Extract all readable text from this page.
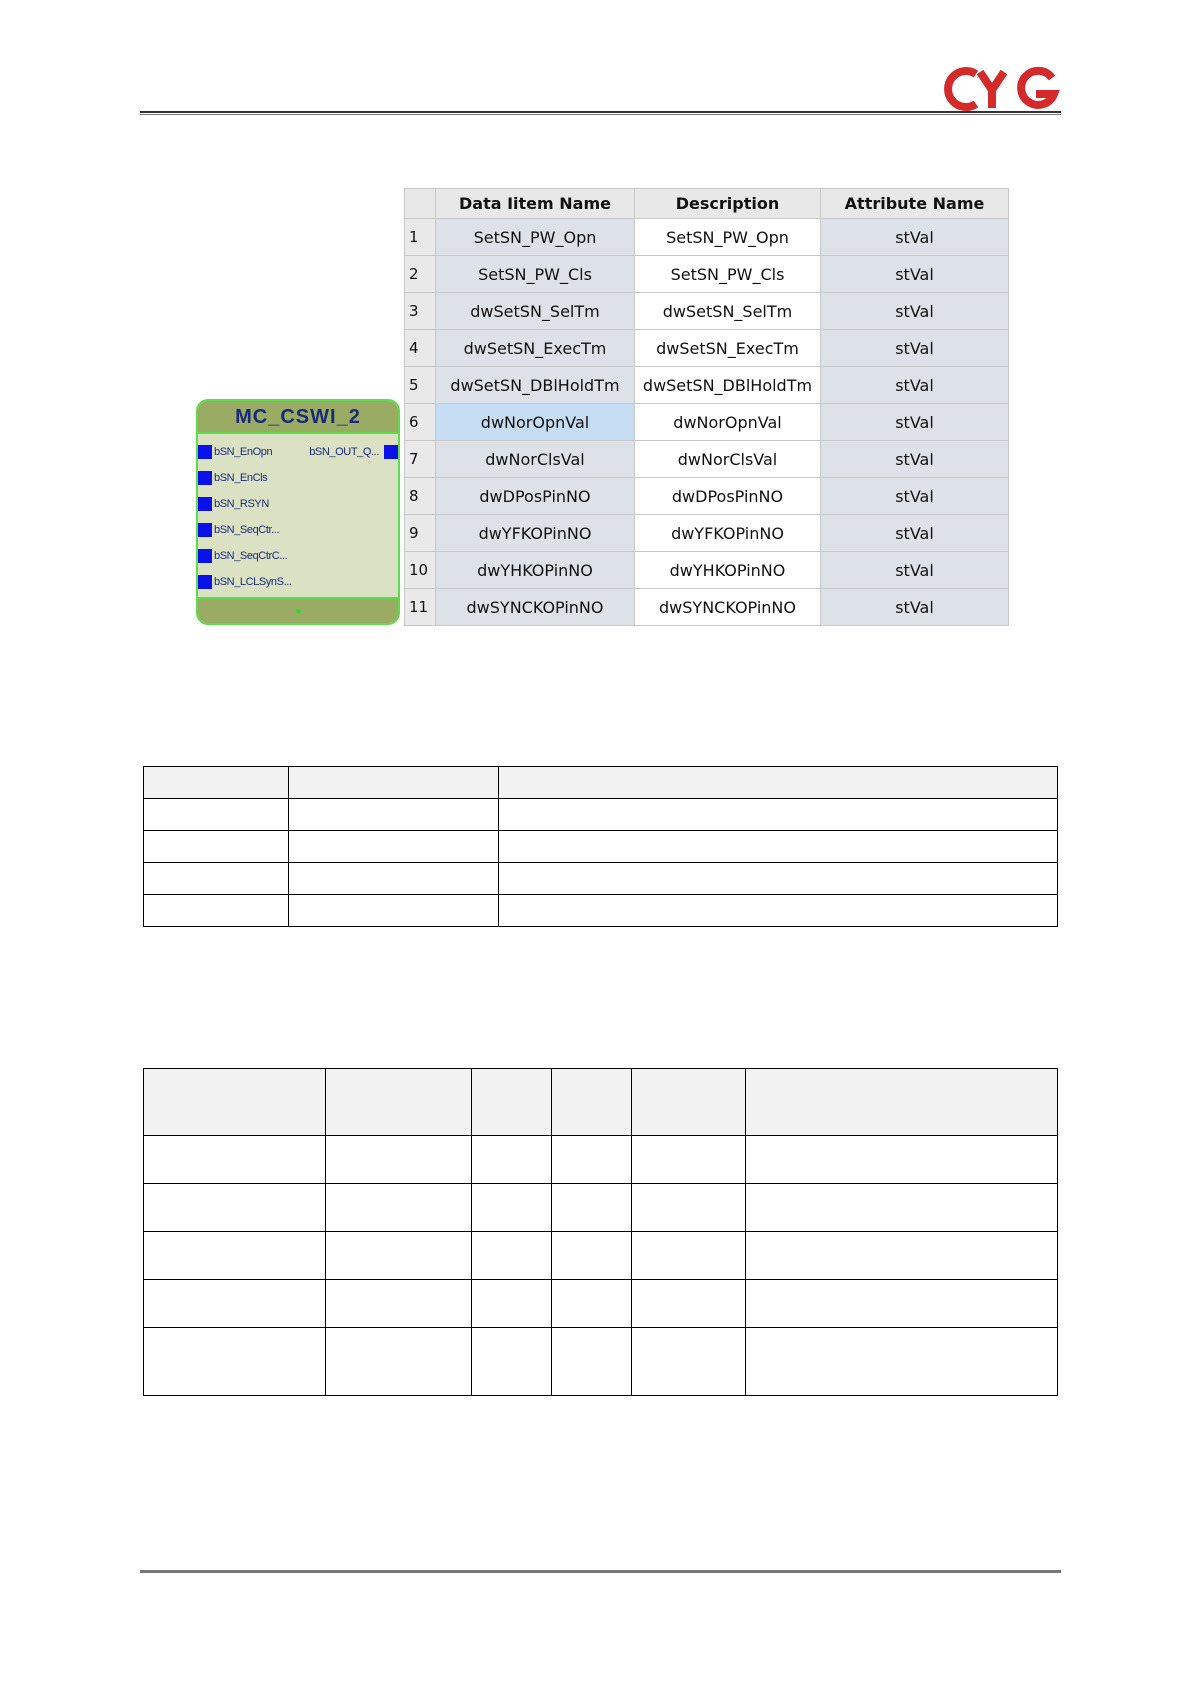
MC_CSWI_2
bSN_EnOpn
bSN_EnCls
bSN_RSYN
bSN_SeqCtr...
bSN_SeqCtrC...
bSN_LCLSynS...
bSN_OUT_Q...
	Data Iitem Name	Description	Attribute Name
1	SetSN_PW_Opn	SetSN_PW_Opn	stVal
2	SetSN_PW_Cls	SetSN_PW_Cls	stVal
3	dwSetSN_SelTm	dwSetSN_SelTm	stVal
4	dwSetSN_ExecTm	dwSetSN_ExecTm	stVal
5	dwSetSN_DBlHoldTm	dwSetSN_DBlHoldTm	stVal
6	dwNorOpnVal	dwNorOpnVal	stVal
7	dwNorClsVal	dwNorClsVal	stVal
8	dwDPosPinNO	dwDPosPinNO	stVal
9	dwYFKOPinNO	dwYFKOPinNO	stVal
10	dwYHKOPinNO	dwYHKOPinNO	stVal
11	dwSYNCKOPinNO	dwSYNCKOPinNO	stVal
